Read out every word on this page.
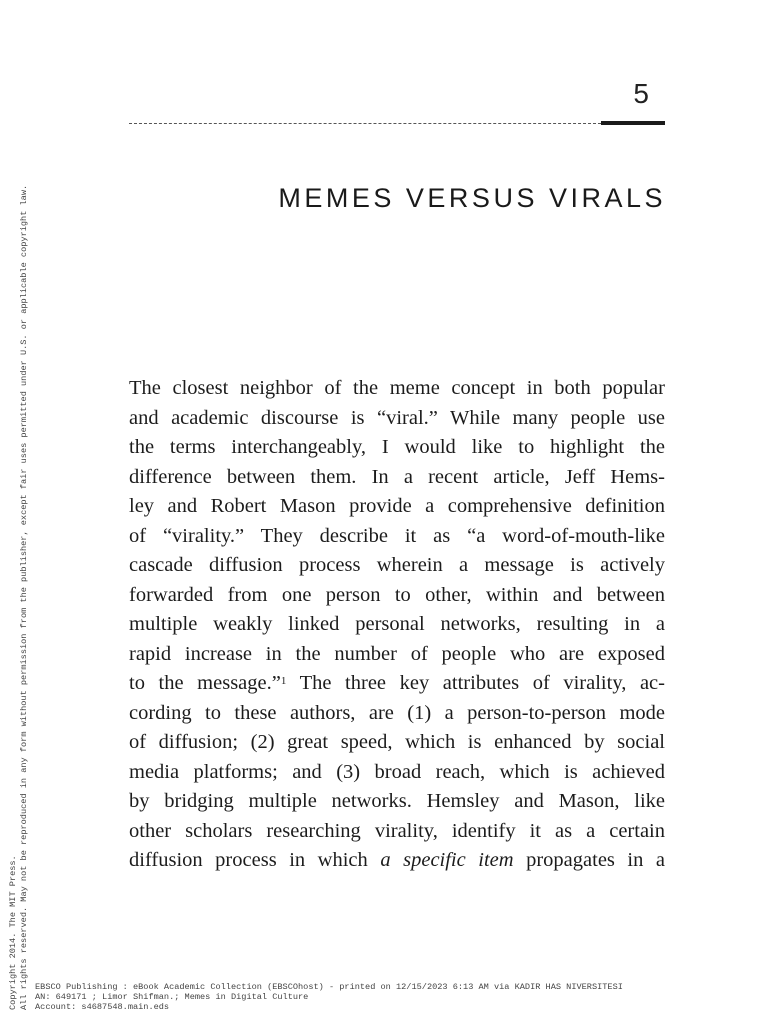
5
MEMES VERSUS VIRALS
The closest neighbor of the meme concept in both popular
and academic discourse is “viral.” While many people use
the terms interchangeably, I would like to highlight the
difference between them. In a recent article, Jeff Hems-
ley and Robert Mason provide a comprehensive definition
of “virality.” They describe it as “a word-of-mouth-like
cascade diffusion process wherein a message is actively
forwarded from one person to other, within and between
multiple weakly linked personal networks, resulting in a
rapid increase in the number of people who are exposed
to the message.”$^1$ The three key attributes of virality, ac-
cording to these authors, are (1) a person-to-person mode
of diffusion; (2) great speed, which is enhanced by social
media platforms; and (3) broad reach, which is achieved
by bridging multiple networks. Hemsley and Mason, like
other scholars researching virality, identify it as a certain
diffusion process in which a specific item propagates in a
Copyright 2014. The MIT Press. All rights reserved. May not be reproduced in any form without permission from the publisher, except fair uses permitted under U.S. or applicable copyright law. EBSCO Publishing : eBook Academic Collection (EBSCOhost) - printed on 12/15/2023 6:13 AM via KADIR HAS NIVERSITESI
AN: 649171 ; Limor Shifman.; Memes in Digital Culture
Account: s4687548.main.eds
